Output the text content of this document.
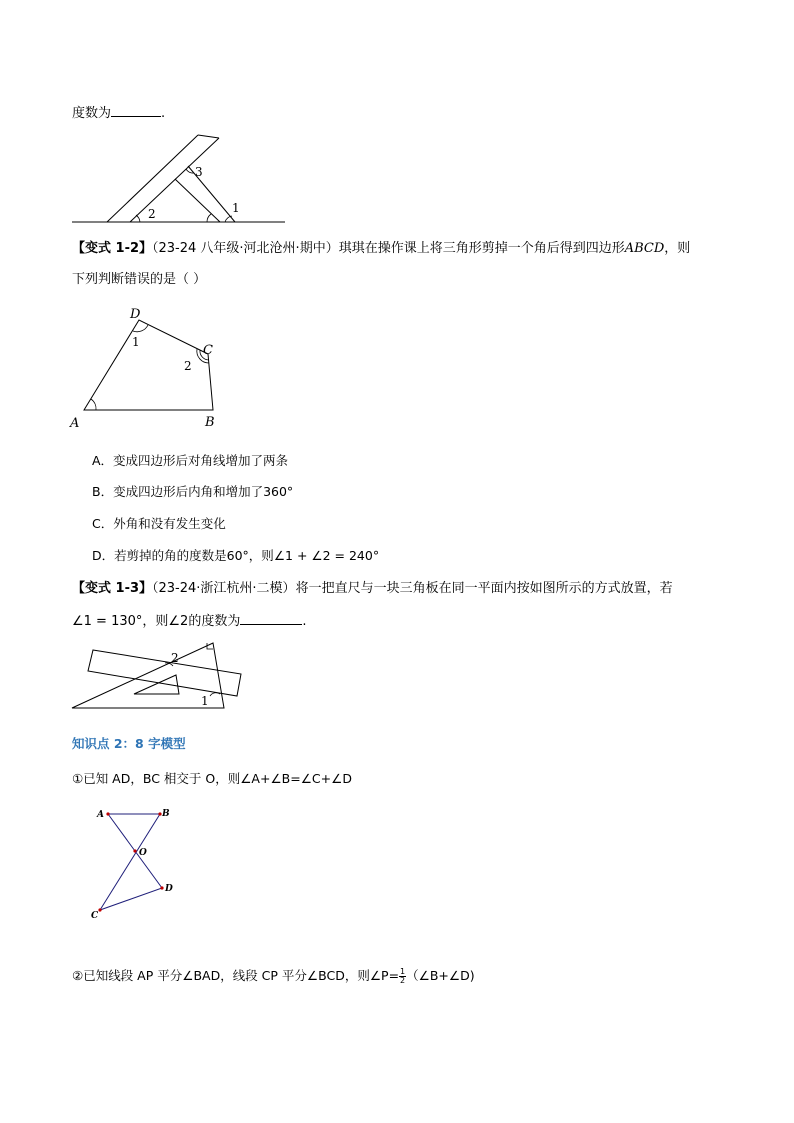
度数为	.
1
2
3
【变式 1-2】（23-24 八年级·河北沧州·期中）琪琪在操作课上将三角形剪掉一个角后得到四边形ABCD，则
下列判断错误的是（ ）
A	B
C
D
1
2
A．变成四边形后对角线增加了两条
B．变成四边形后内角和增加了360°
C．外角和没有发生变化
D．若剪掉的角的度数是60°，则∠1 + ∠2 = 240°
【变式 1-3】（23-24·浙江杭州·二模）将一把直尺与一块三角板在同一平面内按如图所示的方式放置，若
∠1 = 130°，则∠2的度数为	.
2
1
知识点 2：8 字模型
①已知 AD，BC 相交于 O，则∠A+∠B=∠C+∠D
A	B
D
C
O
②已知线段 AP 平分∠BAD，线段 CP 平分∠BCD，则∠P= $\frac{1}{2}$ （∠B+∠D)
